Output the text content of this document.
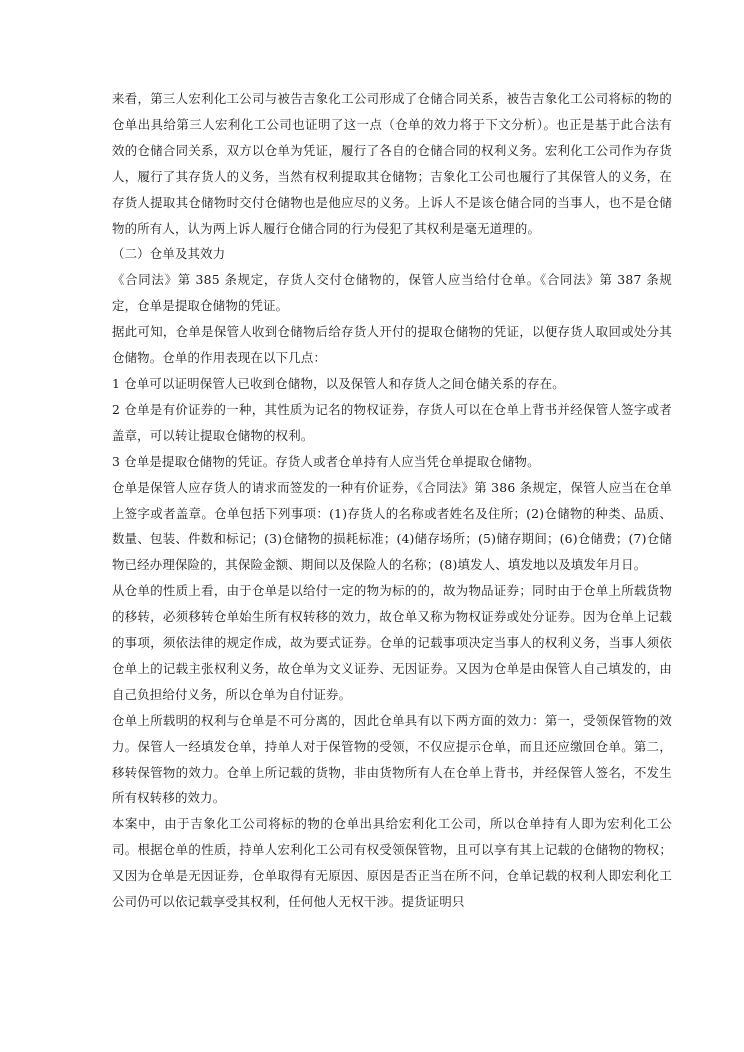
来看，第三人宏利化工公司与被告吉象化工公司形成了仓储合同关系，被告吉象化工公司将标的物的仓单出具给第三人宏利化工公司也证明了这一点（仓单的效力将于下文分析）。也正是基于此合法有效的仓储合同关系，双方以仓单为凭证，履行了各自的仓储合同的权利义务。宏利化工公司作为存货人，履行了其存货人的义务，当然有权利提取其仓储物；吉象化工公司也履行了其保管人的义务，在存货人提取其仓储物时交付仓储物也是他应尽的义务。上诉人不是该仓储合同的当事人，也不是仓储物的所有人，认为两上诉人履行仓储合同的行为侵犯了其权利是毫无道理的。

（二）仓单及其效力

《合同法》第 385 条规定，存货人交付仓储物的，保管人应当给付仓单。《合同法》第 387 条规定，仓单是提取仓储物的凭证。

据此可知，仓单是保管人收到仓储物后给存货人开付的提取仓储物的凭证，以便存货人取回或处分其仓储物。仓单的作用表现在以下几点：

1 仓单可以证明保管人已收到仓储物，以及保管人和存货人之间仓储关系的存在。

2 仓单是有价证券的一种，其性质为记名的物权证券，存货人可以在仓单上背书并经保管人签字或者盖章，可以转让提取仓储物的权利。

3 仓单是提取仓储物的凭证。存货人或者仓单持有人应当凭仓单提取仓储物。

仓单是保管人应存货人的请求而签发的一种有价证券，《合同法》第 386 条规定，保管人应当在仓单上签字或者盖章。仓单包括下列事项：(1)存货人的名称或者姓名及住所；(2)仓储物的种类、品质、数量、包装、件数和标记；(3)仓储物的损耗标准；(4)储存场所；(5)储存期间；(6)仓储费；(7)仓储物已经办理保险的，其保险金额、期间以及保险人的名称；(8)填发人、填发地以及填发年月日。

从仓单的性质上看，由于仓单是以给付一定的物为标的的，故为物品证券；同时由于仓单上所载货物的移转，必须移转仓单始生所有权转移的效力，故仓单又称为物权证券或处分证券。因为仓单上记载的事项，须依法律的规定作成，故为要式证券。仓单的记载事项决定当事人的权利义务，当事人须依仓单上的记载主张权利义务，故仓单为文义证券、无因证券。又因为仓单是由保管人自己填发的，由自己负担给付义务，所以仓单为自付证券。

仓单上所载明的权利与仓单是不可分离的，因此仓单具有以下两方面的效力：第一，受领保管物的效力。保管人一经填发仓单，持单人对于保管物的受领，不仅应提示仓单，而且还应缴回仓单。第二，移转保管物的效力。仓单上所记载的货物，非由货物所有人在仓单上背书，并经保管人签名，不发生所有权转移的效力。

本案中，由于吉象化工公司将标的物的仓单出具给宏利化工公司，所以仓单持有人即为宏利化工公司。根据仓单的性质，持单人宏利化工公司有权受领保管物，且可以享有其上记载的仓储物的物权；又因为仓单是无因证券，仓单取得有无原因、原因是否正当在所不问，仓单记载的权利人即宏利化工公司仍可以依记载享受其权利，任何他人无权干涉。提货证明只
